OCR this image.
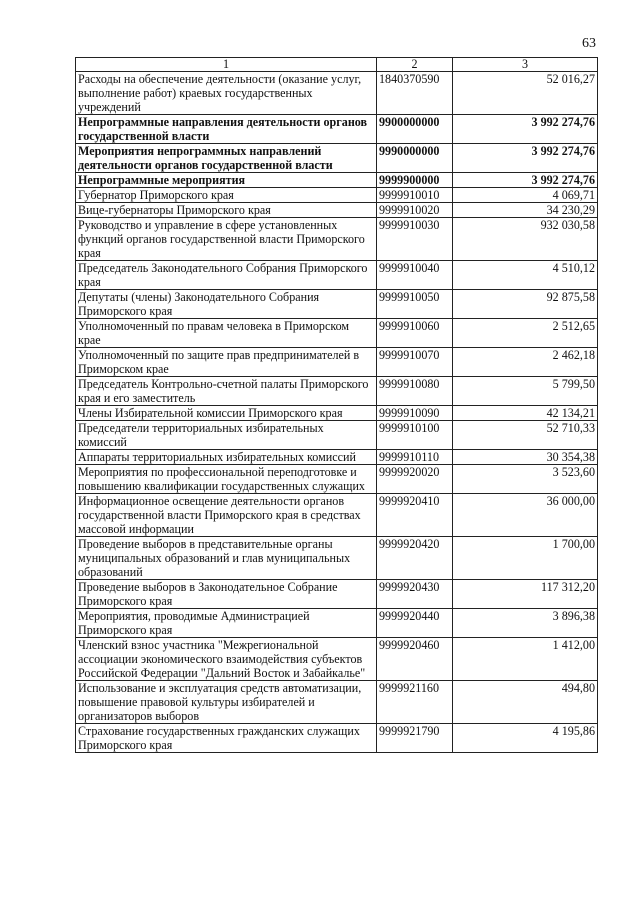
63
1	2	3
Расходы на обеспечение деятельности (оказание услуг, выполнение работ) краевых государственных учреждений	1840370590	52 016,27
Непрограммные направления деятельности органов государственной власти	9900000000	3 992 274,76
Мероприятия непрограммных направлений деятельности органов государственной власти	9990000000	3 992 274,76
Непрограммные мероприятия	9999900000	3 992 274,76
Губернатор Приморского края	9999910010	4 069,71
Вице-губернаторы Приморского края	9999910020	34 230,29
Руководство и управление в сфере установленных функций органов государственной власти Приморского края	9999910030	932 030,58
Председатель Законодательного Собрания Приморского края	9999910040	4 510,12
Депутаты (члены) Законодательного Собрания Приморского края	9999910050	92 875,58
Уполномоченный по правам человека в Приморском крае	9999910060	2 512,65
Уполномоченный по защите прав предпринимателей в Приморском крае	9999910070	2 462,18
Председатель Контрольно-счетной палаты Приморского края и его заместитель	9999910080	5 799,50
Члены Избирательной комиссии Приморского края	9999910090	42 134,21
Председатели территориальных избирательных комиссий	9999910100	52 710,33
Аппараты территориальных избирательных комиссий	9999910110	30 354,38
Мероприятия по профессиональной переподготовке и повышению квалификации государственных служащих	9999920020	3 523,60
Информационное освещение деятельности органов государственной власти Приморского края в средствах массовой информации	9999920410	36 000,00
Проведение выборов в представительные органы муниципальных образований и глав муниципальных образований	9999920420	1 700,00
Проведение выборов в Законодательное Собрание Приморского края	9999920430	117 312,20
Мероприятия, проводимые Администрацией Приморского края	9999920440	3 896,38
Членский взнос участника "Межрегиональной ассоциации экономического взаимодействия субъектов Российской Федерации "Дальний Восток и Забайкалье"	9999920460	1 412,00
Использование и эксплуатация средств автоматизации, повышение правовой культуры избирателей и организаторов выборов	9999921160	494,80
Страхование государственных гражданских служащих Приморского края	9999921790	4 195,86
